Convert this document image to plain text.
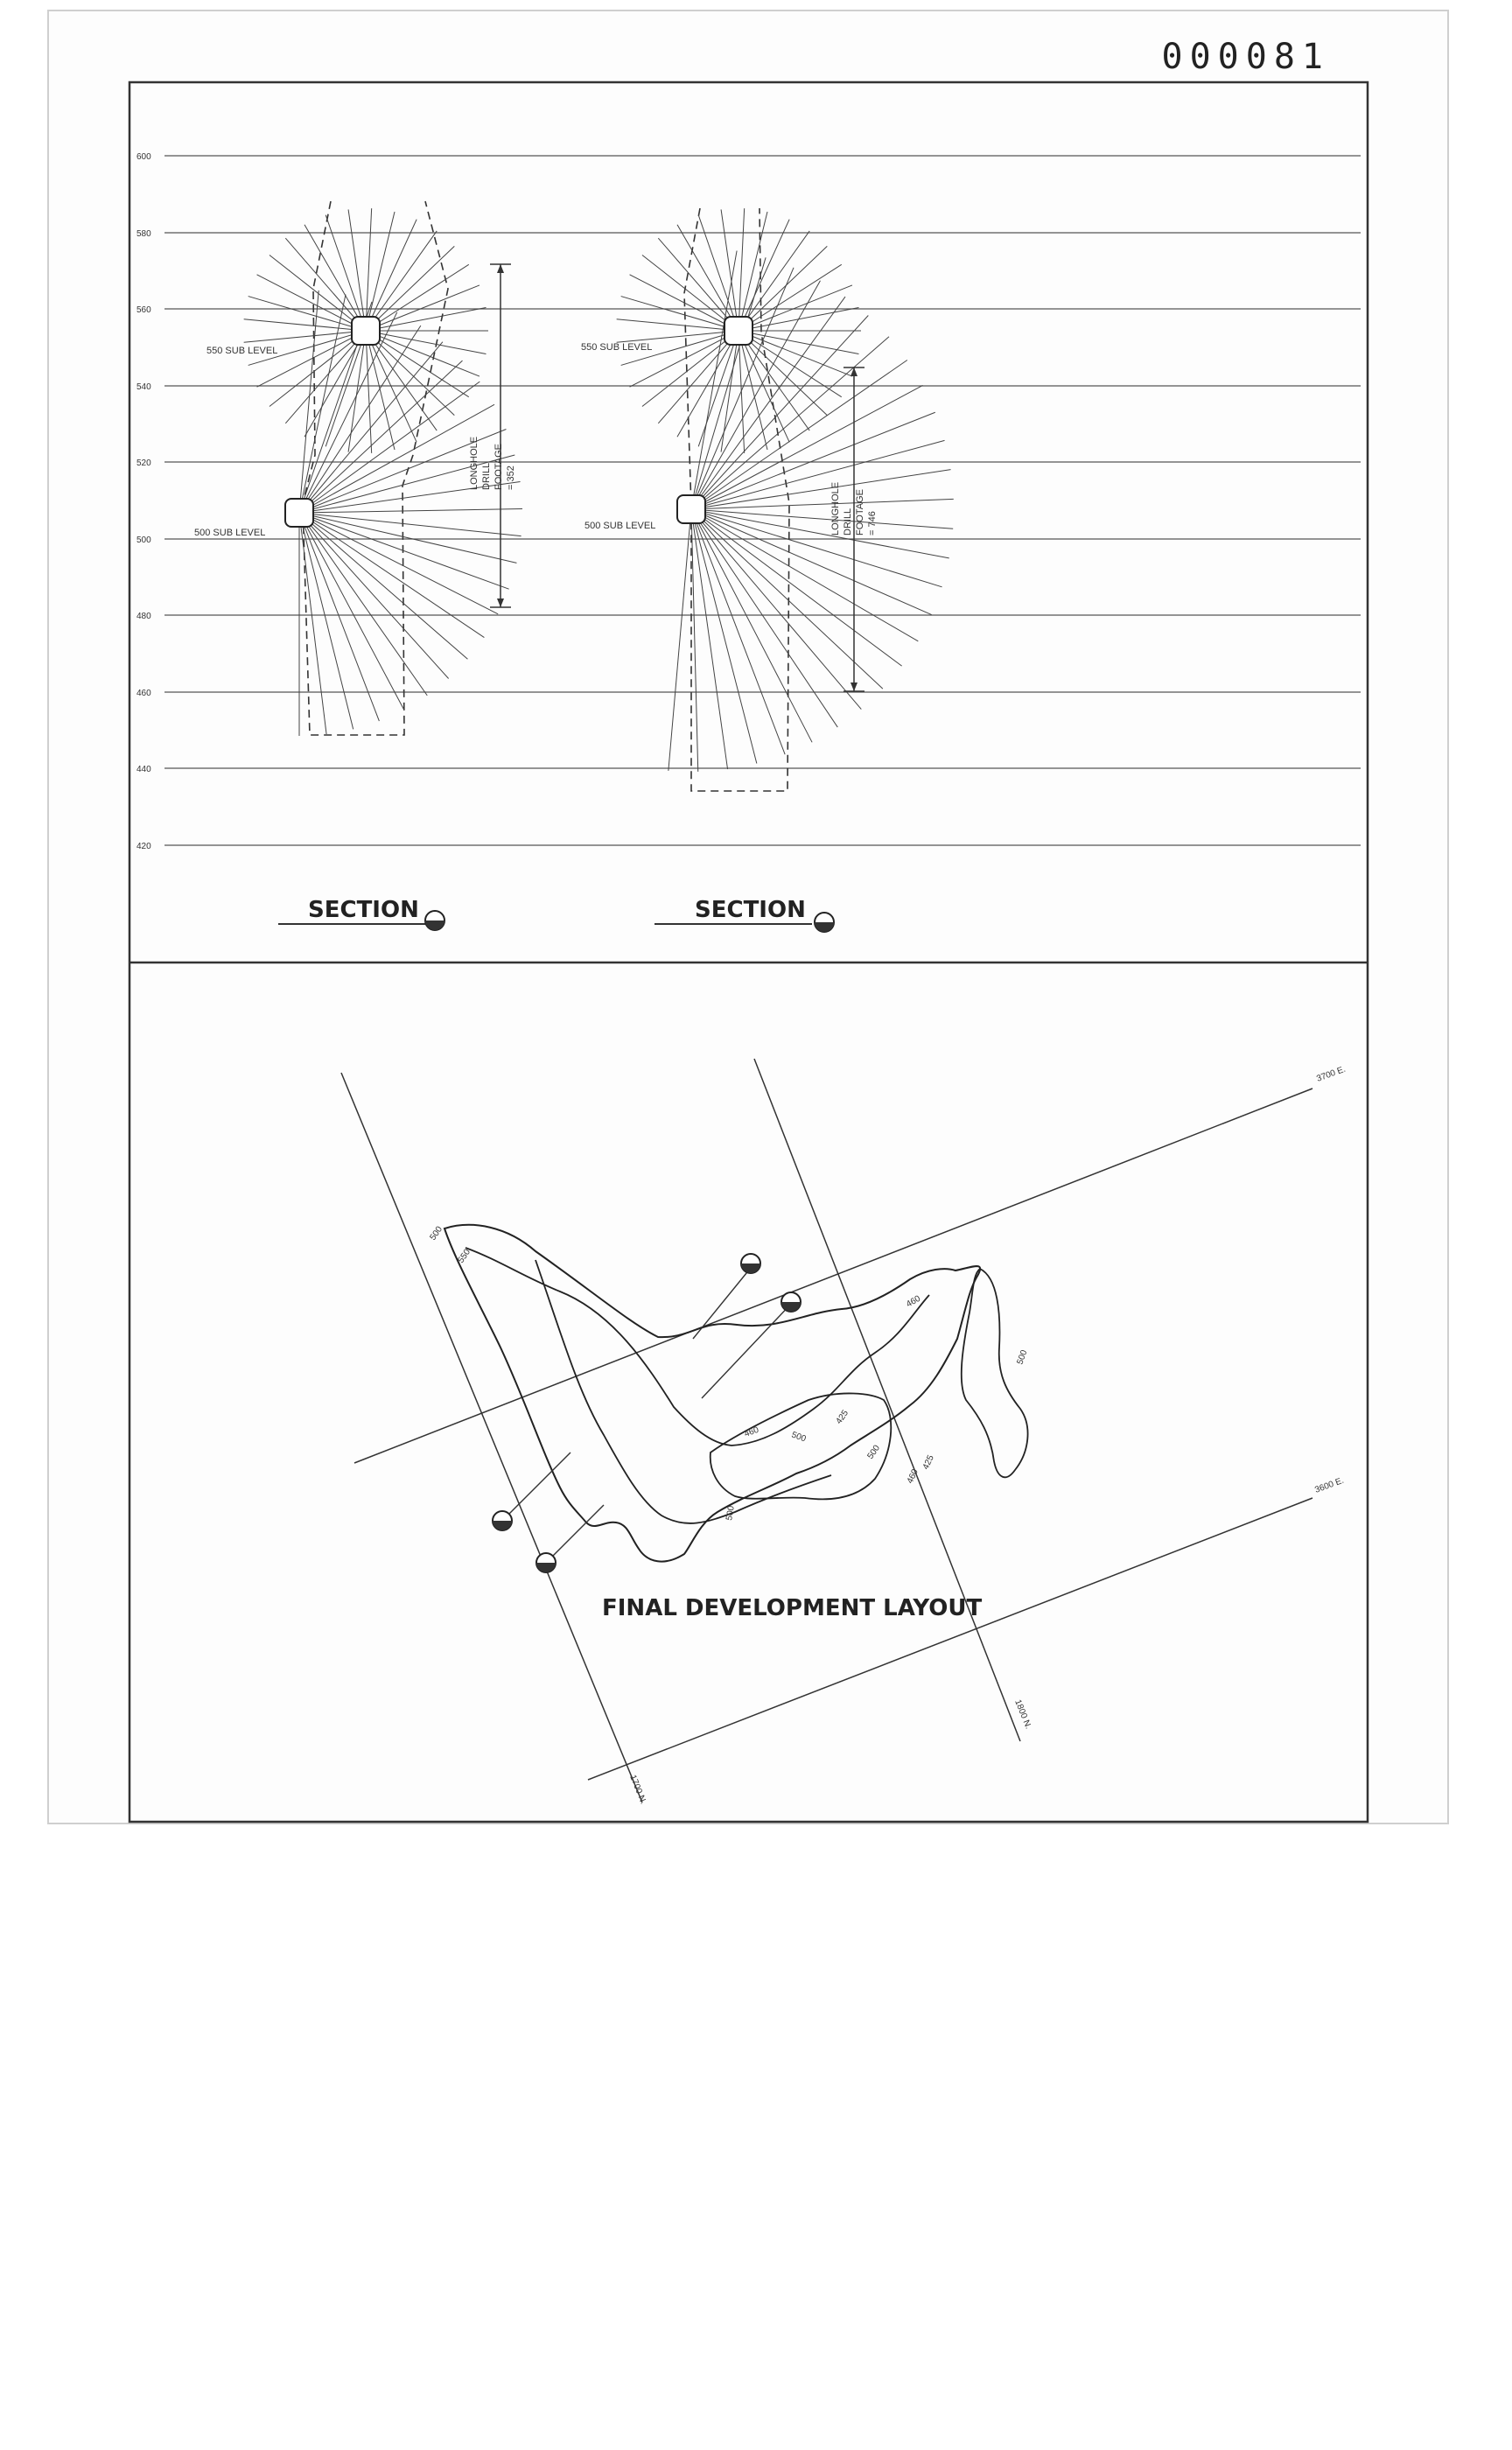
000081
600
580
560
540
520
500
480
460
440
420
550 SUB LEVEL
500 SUB LEVEL
LONGHOLE DRILL FOOTAGE = 352
SECTION
550 SUB LEVEL
500 SUB LEVEL	LONGHOLE DRILL FOOTAGE = 746
SECTION
3700 E.
3600 E.
1700 N.
1800 N.
500
550
460
460	500
425
500
460
425
500
500
FINAL DEVELOPMENT LAYOUT
